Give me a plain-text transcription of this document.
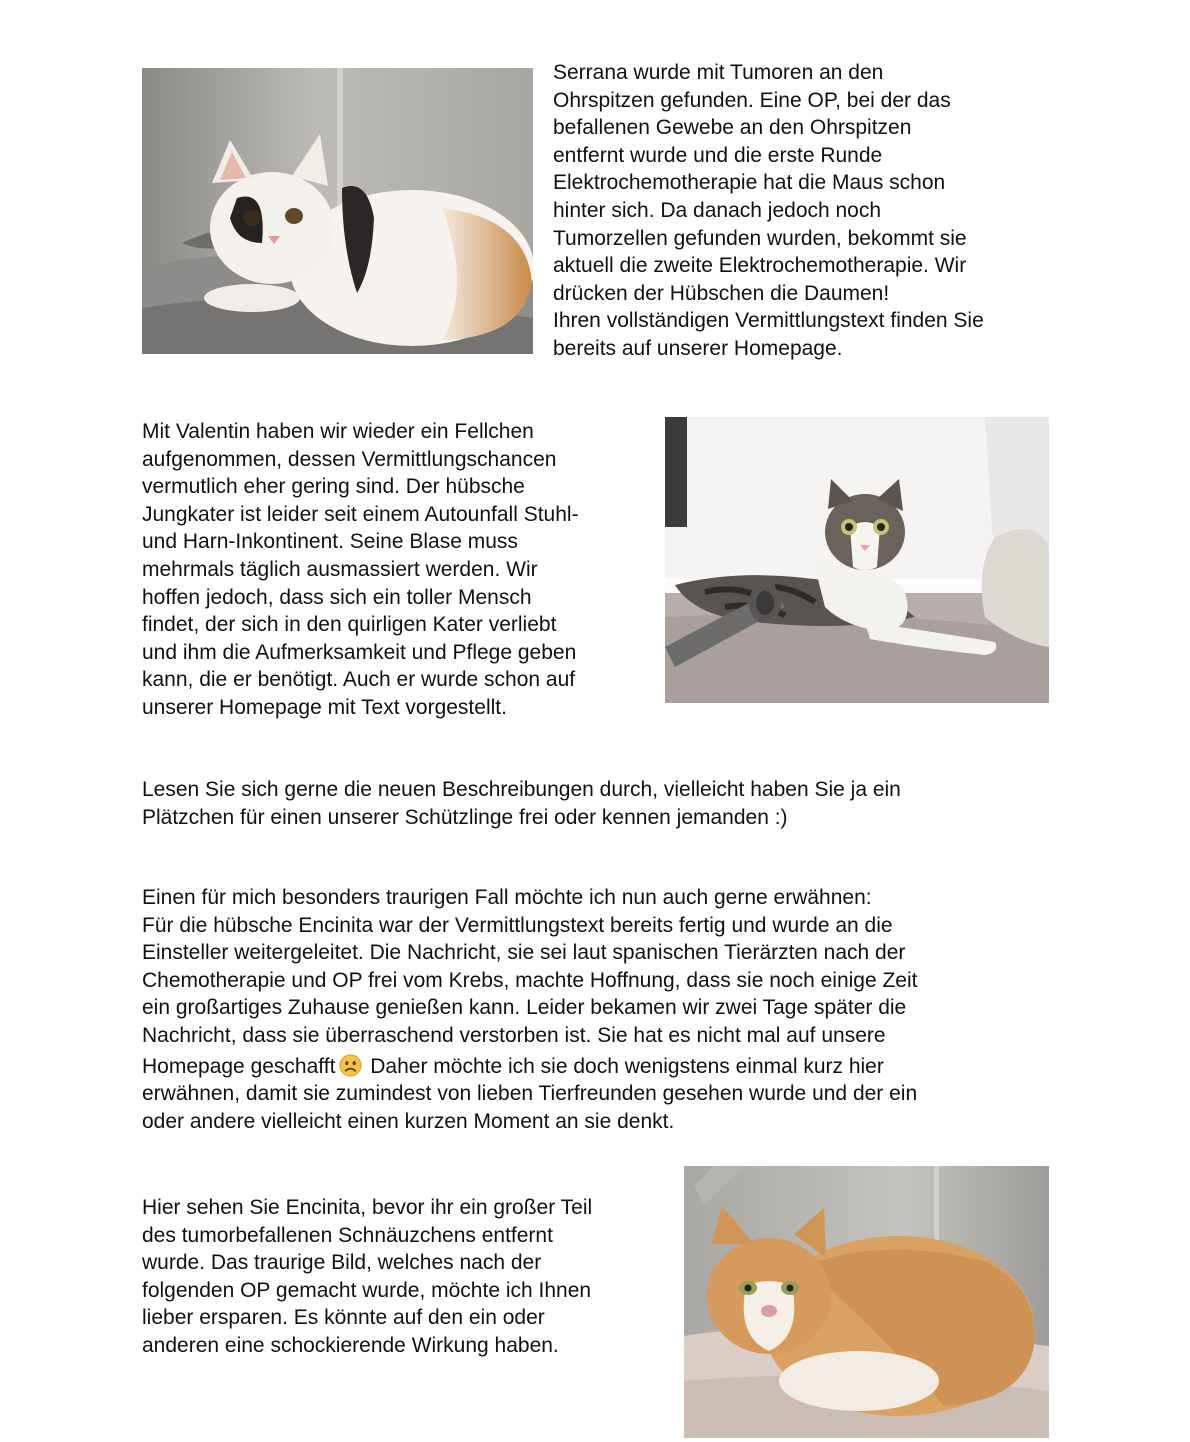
Serrana wurde mit Tumoren an den
Ohrspitzen gefunden. Eine OP, bei der das
befallenen Gewebe an den Ohrspitzen
entfernt wurde und die erste Runde
Elektrochemotherapie hat die Maus schon
hinter sich. Da danach jedoch noch
Tumorzellen gefunden wurden, bekommt sie
aktuell die zweite Elektrochemotherapie. Wir
drücken der Hübschen die Daumen!
Ihren vollständigen Vermittlungstext finden Sie
bereits auf unserer Homepage.

Mit Valentin haben wir wieder ein Fellchen
aufgenommen, dessen Vermittlungschancen
vermutlich eher gering sind. Der hübsche
Jungkater ist leider seit einem Autounfall Stuhl-
und Harn-Inkontinent. Seine Blase muss
mehrmals täglich ausmassiert werden. Wir
hoffen jedoch, dass sich ein toller Mensch
findet, der sich in den quirligen Kater verliebt
und ihm die Aufmerksamkeit und Pflege geben
kann, die er benötigt. Auch er wurde schon auf
unserer Homepage mit Text vorgestellt.

Lesen Sie sich gerne die neuen Beschreibungen durch, vielleicht haben Sie ja ein
Plätzchen für einen unserer Schützlinge frei oder kennen jemanden :)

Einen für mich besonders traurigen Fall möchte ich nun auch gerne erwähnen:
Für die hübsche Encinita war der Vermittlungstext bereits fertig und wurde an die
Einsteller weitergeleitet. Die Nachricht, sie sei laut spanischen Tierärzten nach der
Chemotherapie und OP frei vom Krebs, machte Hoffnung, dass sie noch einige Zeit
ein großartiges Zuhause genießen kann. Leider bekamen wir zwei Tage später die
Nachricht, dass sie überraschend verstorben ist. Sie hat es nicht mal auf unsere
Homepage geschafft Daher möchte ich sie doch wenigstens einmal kurz hier
erwähnen, damit sie zumindest von lieben Tierfreunden gesehen wurde und der ein
oder andere vielleicht einen kurzen Moment an sie denkt.

Hier sehen Sie Encinita, bevor ihr ein großer Teil
des tumorbefallenen Schnäuzchens entfernt
wurde. Das traurige Bild, welches nach der
folgenden OP gemacht wurde, möchte ich Ihnen
lieber ersparen. Es könnte auf den ein oder
anderen eine schockierende Wirkung haben.
